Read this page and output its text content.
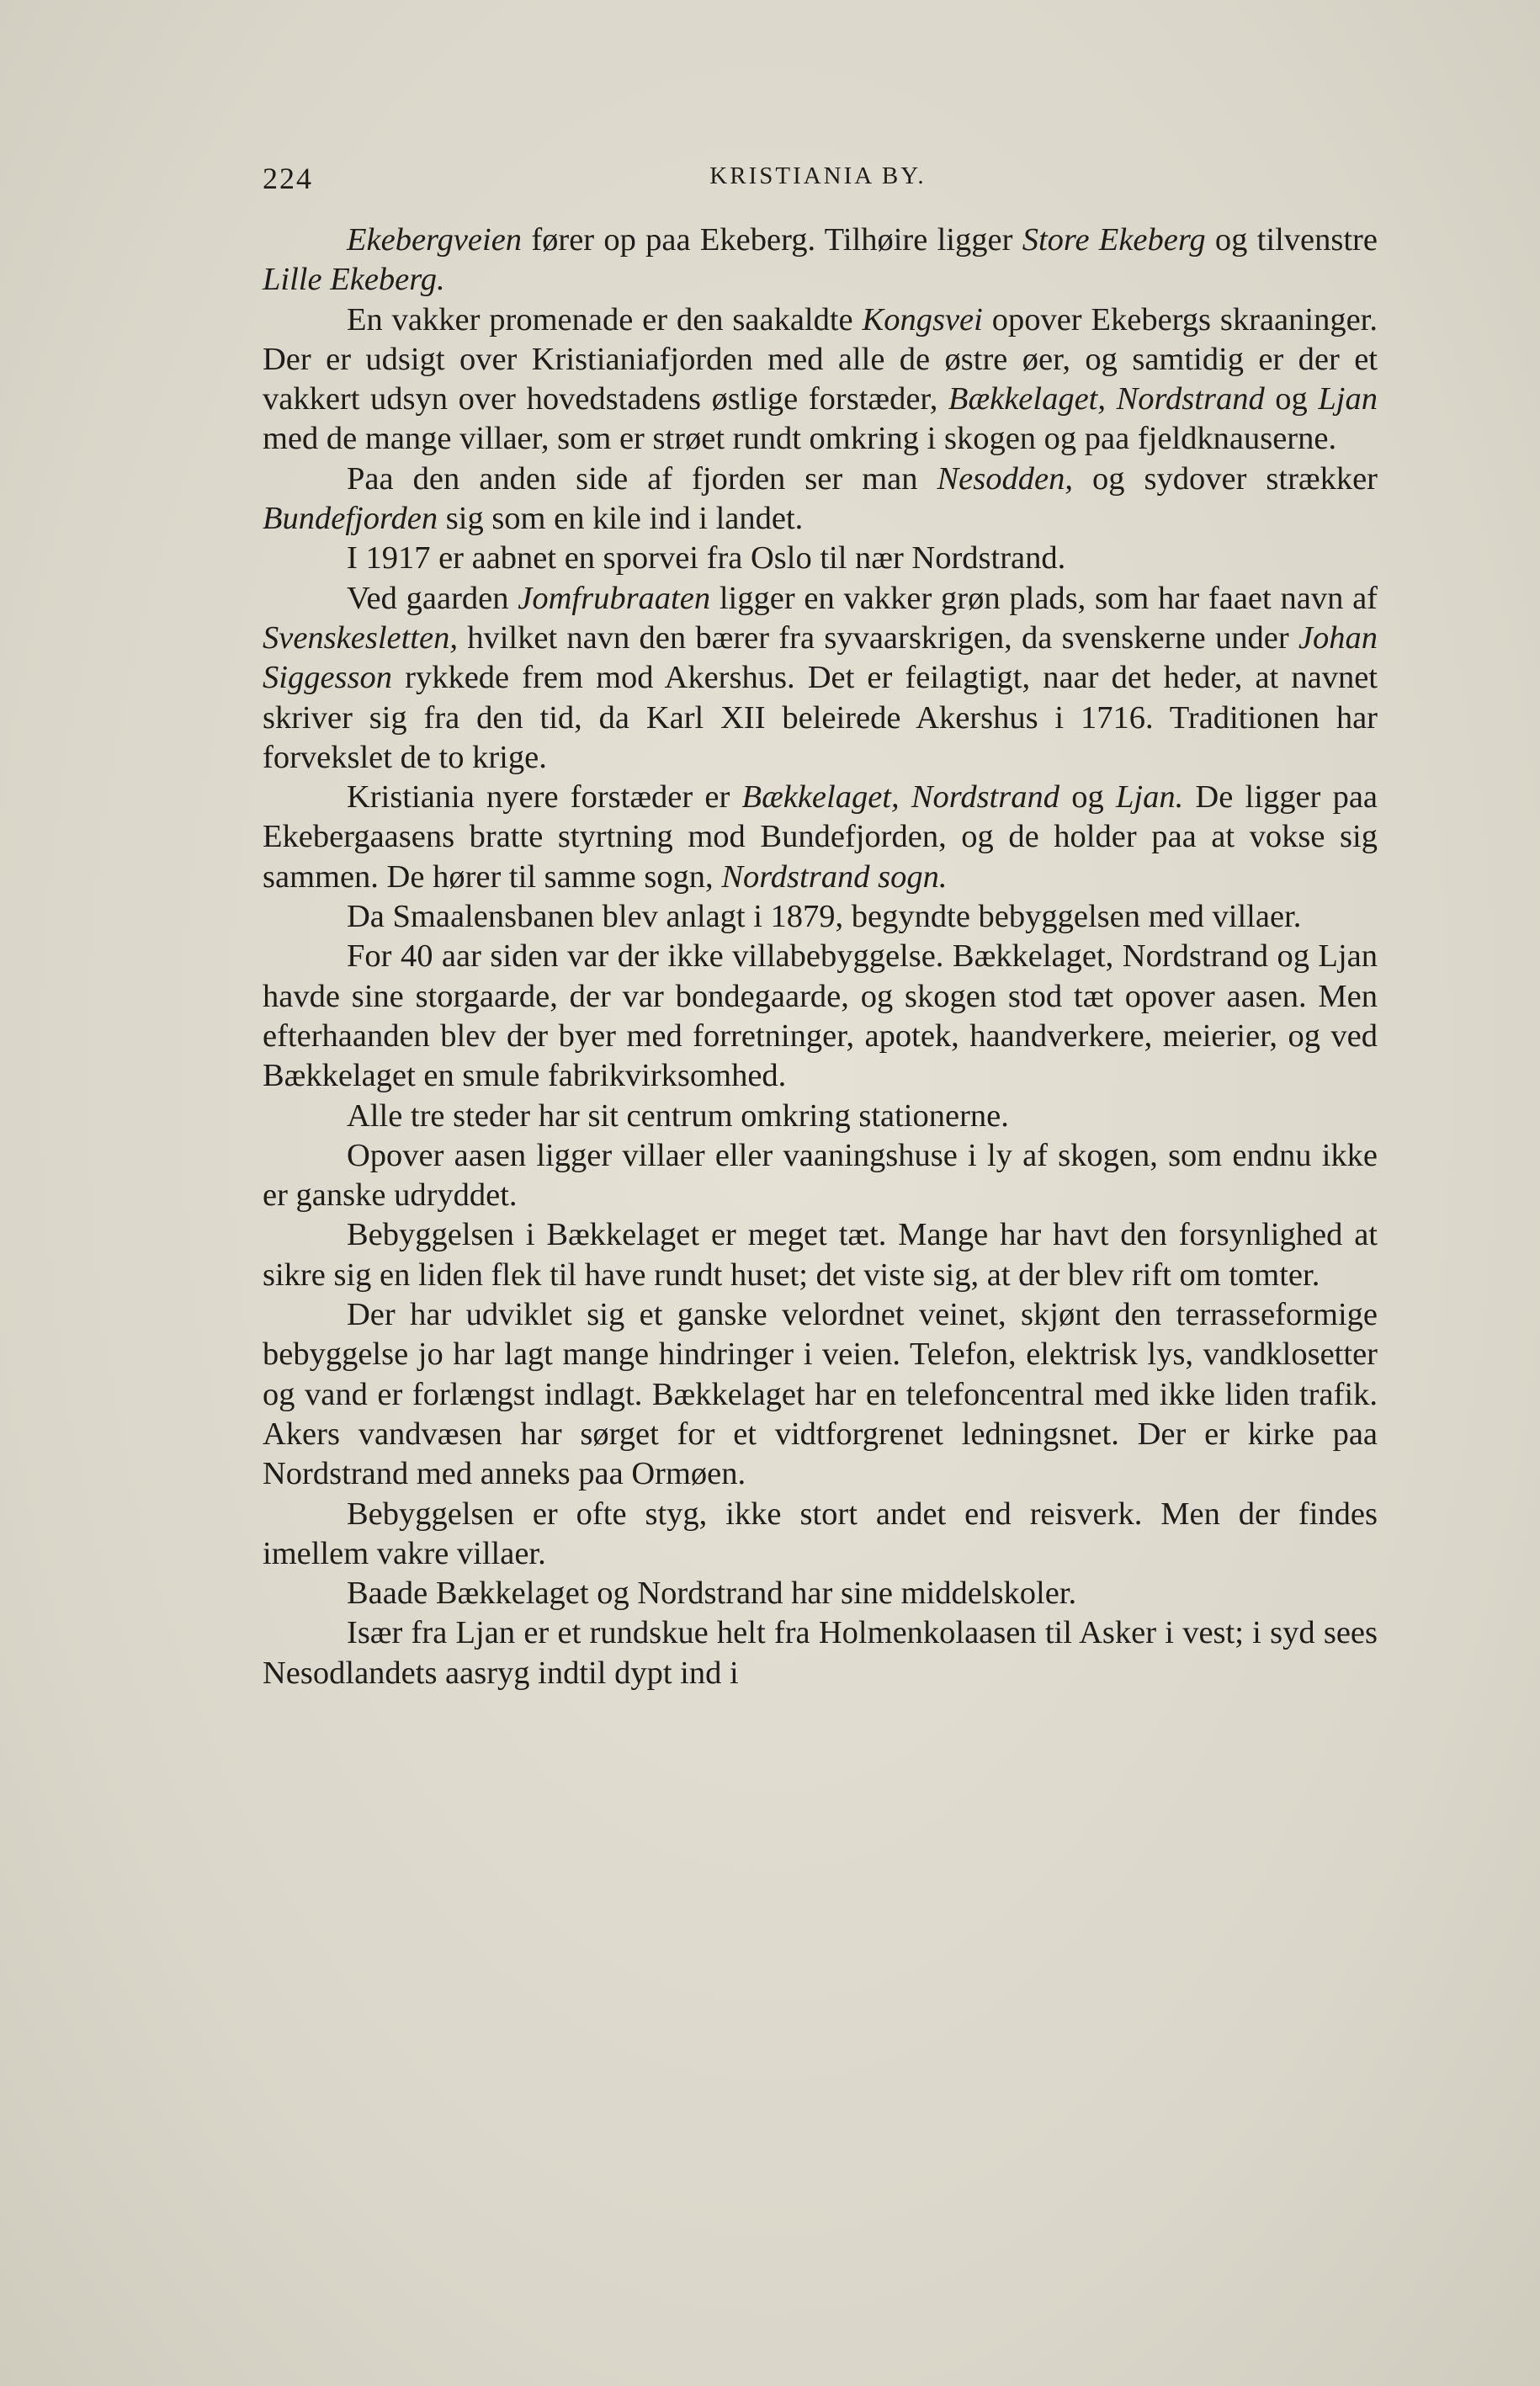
224	KRISTIANIA BY.

Ekebergveien fører op paa Ekeberg. Tilhøire ligger Store Ekeberg og tilvenstre Lille Ekeberg.

En vakker promenade er den saakaldte Kongsvei opover Ekebergs skraaninger. Der er udsigt over Kristianiafjorden med alle de østre øer, og samtidig er der et vakkert udsyn over hovedstadens østlige forstæder, Bækkelaget, Nordstrand og Ljan med de mange villaer, som er strøet rundt omkring i skogen og paa fjeldknauserne.

Paa den anden side af fjorden ser man Nesodden, og sydover strækker Bundefjorden sig som en kile ind i landet.

I 1917 er aabnet en sporvei fra Oslo til nær Nordstrand.

Ved gaarden Jomfrubraaten ligger en vakker grøn plads, som har faaet navn af Svenskesletten, hvilket navn den bærer fra syvaarskrigen, da svenskerne under Johan Siggesson rykkede frem mod Akershus. Det er feilagtigt, naar det heder, at navnet skriver sig fra den tid, da Karl XII beleirede Akershus i 1716. Traditionen har forvekslet de to krige.

Kristiania nyere forstæder er Bækkelaget, Nordstrand og Ljan. De ligger paa Ekebergaasens bratte styrtning mod Bundefjorden, og de holder paa at vokse sig sammen. De hører til samme sogn, Nordstrand sogn.

Da Smaalensbanen blev anlagt i 1879, begyndte bebyggelsen med villaer.

For 40 aar siden var der ikke villabebyggelse. Bækkelaget, Nordstrand og Ljan havde sine storgaarde, der var bondegaarde, og skogen stod tæt opover aasen. Men efterhaanden blev der byer med forretninger, apotek, haandverkere, meierier, og ved Bækkelaget en smule fabrikvirksomhed.

Alle tre steder har sit centrum omkring stationerne.

Opover aasen ligger villaer eller vaaningshuse i ly af skogen, som endnu ikke er ganske udryddet.

Bebyggelsen i Bækkelaget er meget tæt. Mange har havt den forsynlighed at sikre sig en liden flek til have rundt huset; det viste sig, at der blev rift om tomter.

Der har udviklet sig et ganske velordnet veinet, skjønt den terrasseformige bebyggelse jo har lagt mange hindringer i veien. Telefon, elektrisk lys, vandklosetter og vand er forlængst indlagt. Bækkelaget har en telefoncentral med ikke liden trafik. Akers vandvæsen har sørget for et vidtforgrenet ledningsnet. Der er kirke paa Nordstrand med anneks paa Ormøen.

Bebyggelsen er ofte styg, ikke stort andet end reisverk. Men der findes imellem vakre villaer.

Baade Bækkelaget og Nordstrand har sine middelskoler.

Især fra Ljan er et rundskue helt fra Holmenkolaasen til Asker i vest; i syd sees Nesodlandets aasryg indtil dypt ind i
